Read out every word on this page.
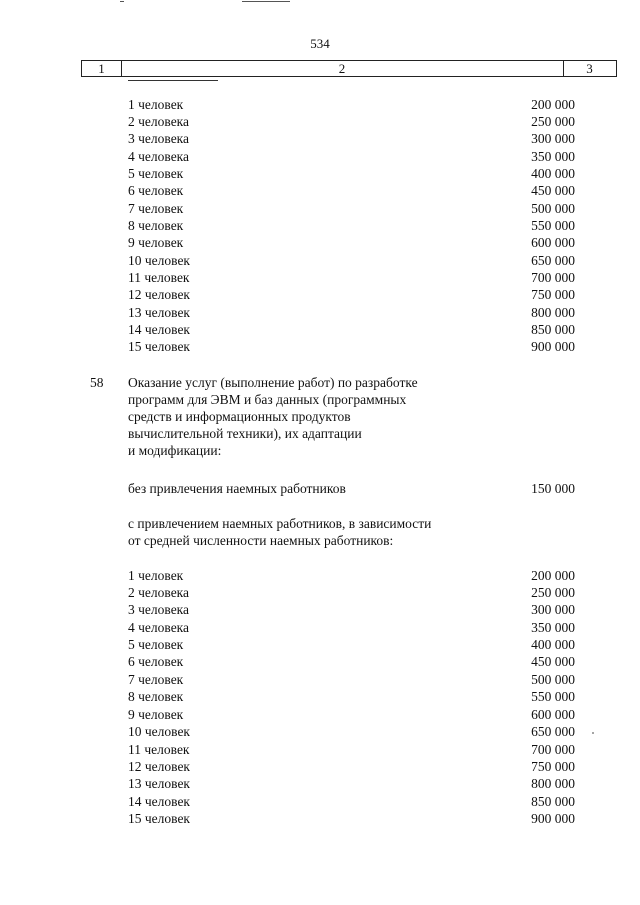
534
1	2	3
1 человек	200 000
2 человека	250 000
3 человека	300 000
4 человека	350 000
5 человек	400 000
6 человек	450 000
7 человек	500 000
8 человек	550 000
9 человек	600 000
10 человек	650 000
11 человек	700 000
12 человек	750 000
13 человек	800 000
14 человек	850 000
15 человек	900 000
58 Оказание услуг (выполнение работ) по разработке
программ для ЭВМ и баз данных (программных
средств и информационных продуктов
вычислительной техники), их адаптации
и модификации:
без привлечения наемных работников	150 000
с привлечением наемных работников, в зависимости
от средней численности наемных работников:
1 человек	200 000
2 человека	250 000
3 человека	300 000
4 человека	350 000
5 человек	400 000
6 человек	450 000
7 человек	500 000
8 человек	550 000
9 человек	600 000
10 человек	650 000
11 человек	700 000
12 человек	750 000
13 человек	800 000
14 человек	850 000
15 человек	900 000
